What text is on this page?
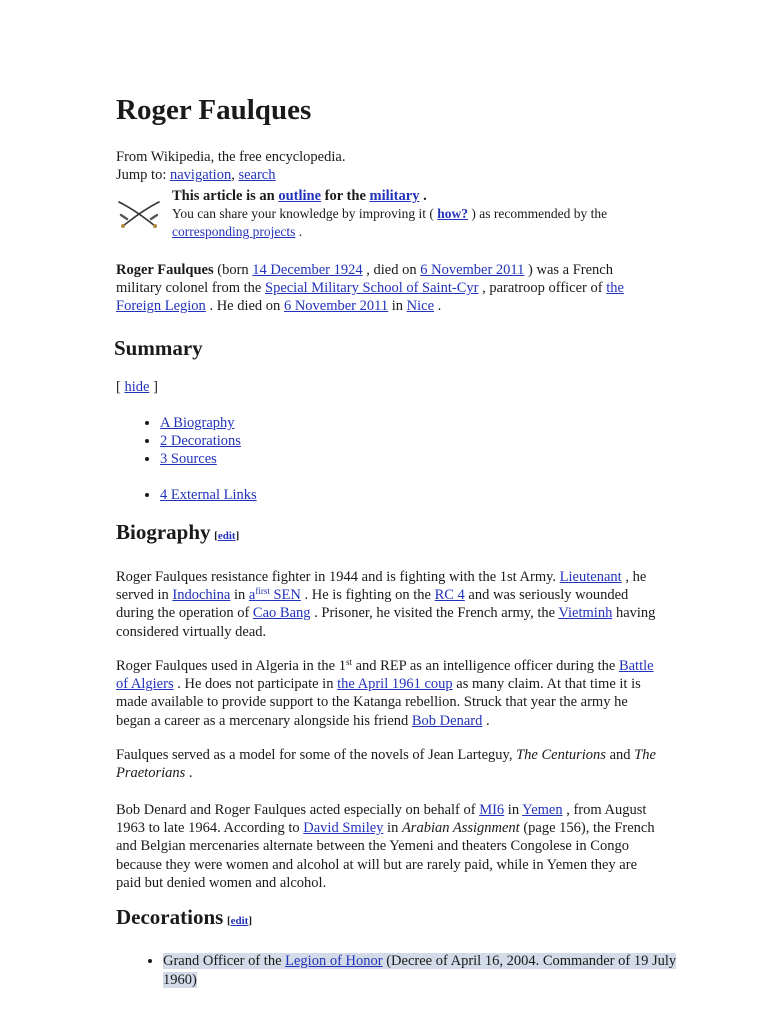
Roger Faulques
From Wikipedia, the free encyclopedia.
Jump to: navigation, search
This article is an outline for the military .
You can share your knowledge by improving it ( how? ) as recommended by the
corresponding projects .
Roger Faulques (born 14 December 1924 , died on 6 November 2011 ) was a French military colonel from the Special Military School of Saint-Cyr , paratroop officer of the Foreign Legion . He died on 6 November 2011 in Nice .
Summary
[ hide ]
• A Biography
• 2 Decorations
• 3 Sources
• 4 External Links
Biography [edit]
Roger Faulques resistance fighter in 1944 and is fighting with the 1st Army. Lieutenant , he served in Indochina in $a^{first}$ SEN . He is fighting on the RC 4 and was seriously wounded during the operation of Cao Bang . Prisoner, he visited the French army, the Vietminh having considered virtually dead.
Roger Faulques used in Algeria in the 1st and REP as an intelligence officer during the Battle of Algiers . He does not participate in the April 1961 coup as many claim. At that time it is made available to provide support to the Katanga rebellion. Struck that year the army he began a career as a mercenary alongside his friend Bob Denard .
Faulques served as a model for some of the novels of Jean Larteguy, The Centurions and The Praetorians .
Bob Denard and Roger Faulques acted especially on behalf of MI6 in Yemen , from August 1963 to late 1964. According to David Smiley in Arabian Assignment (page 156), the French and Belgian mercenaries alternate between the Yemeni and theaters Congolese in Congo because they were women and alcohol at will but are rarely paid, while in Yemen they are paid but denied women and alcohol.
Decorations [edit]
• Grand Officer of the Legion of Honor (Decree of April 16, 2004. Commander of 19 July 1960)
